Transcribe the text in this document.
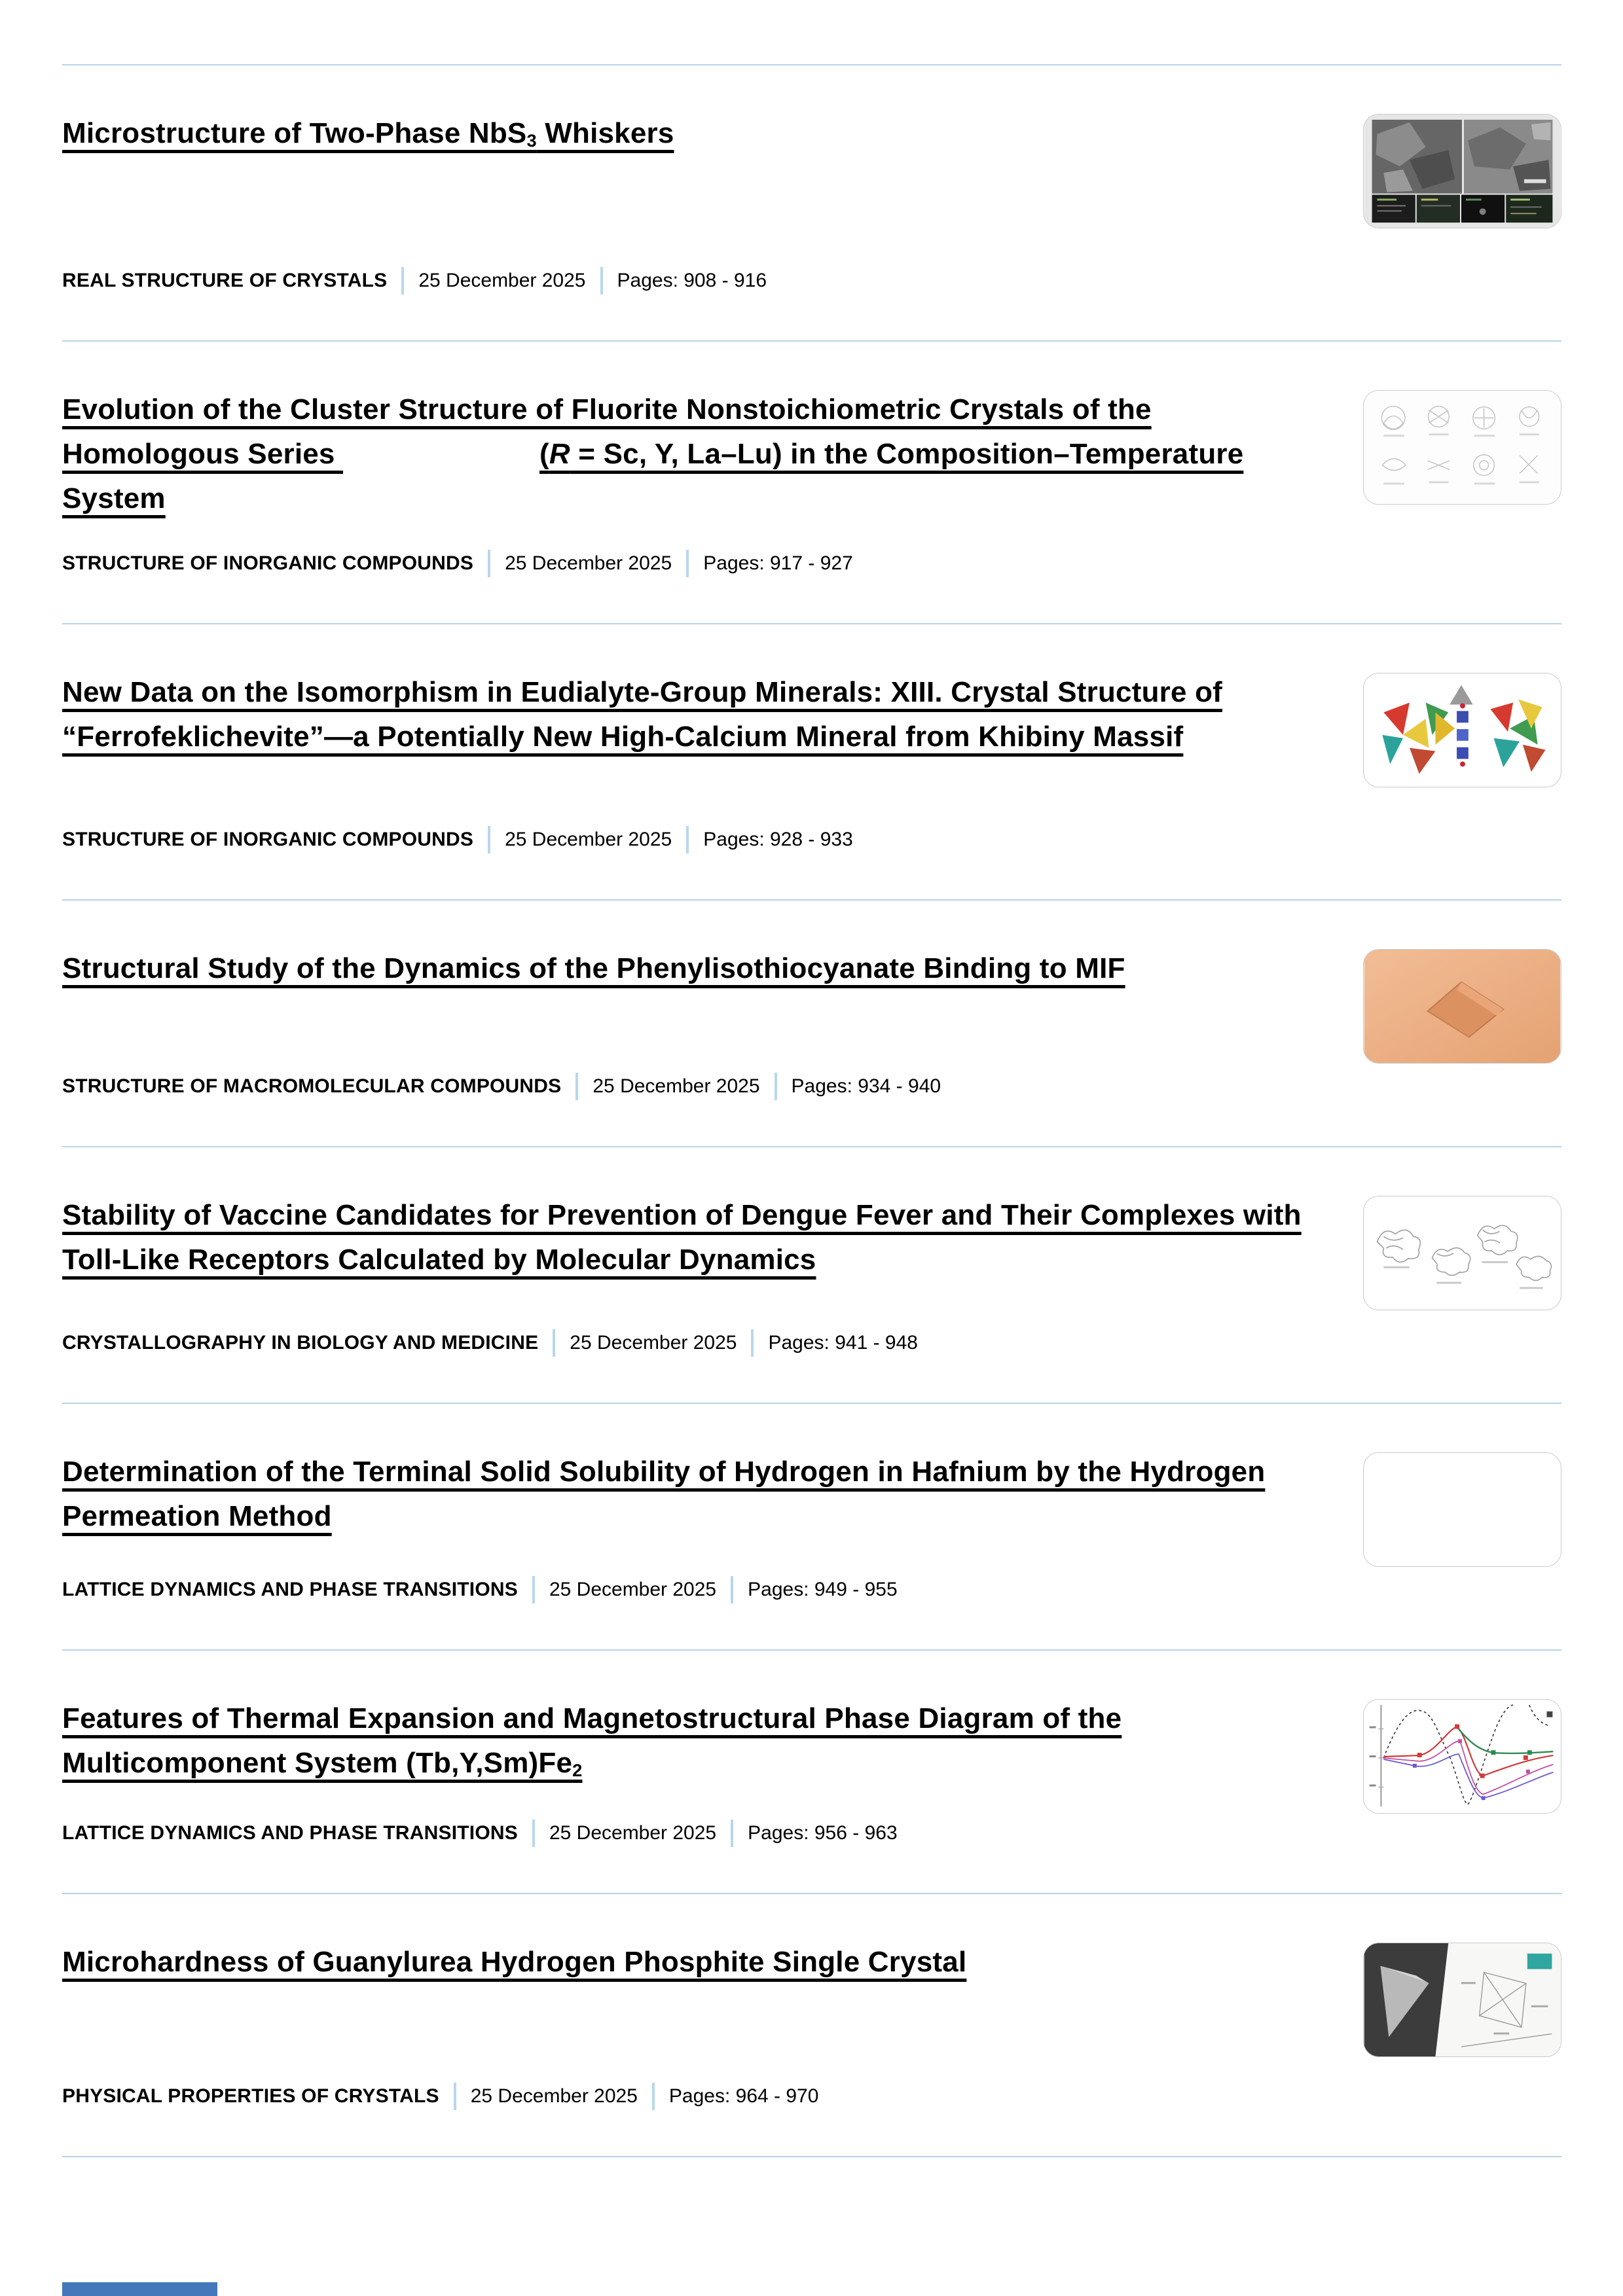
Microstructure of Two-Phase NbS3 Whiskers
REAL STRUCTURE OF CRYSTALS 25 December 2025 Pages: 908 - 916
Evolution of the Cluster Structure of Fluorite Nonstoichiometric Crystals of the Homologous Series	(R = Sc, Y, La–Lu) in the Composition–Temperature System
STRUCTURE OF INORGANIC COMPOUNDS 25 December 2025 Pages: 917 - 927
New Data on the Isomorphism in Eudialyte-Group Minerals: XIII. Crystal Structure of “Ferrofeklichevite”—a Potentially New High-Calcium Mineral from Khibiny Massif
STRUCTURE OF INORGANIC COMPOUNDS 25 December 2025 Pages: 928 - 933
Structural Study of the Dynamics of the Phenylisothiocyanate Binding to MIF
STRUCTURE OF MACROMOLECULAR COMPOUNDS 25 December 2025 Pages: 934 - 940
Stability of Vaccine Candidates for Prevention of Dengue Fever and Their Complexes with Toll-Like Receptors Calculated by Molecular Dynamics
CRYSTALLOGRAPHY IN BIOLOGY AND MEDICINE 25 December 2025 Pages: 941 - 948
Determination of the Terminal Solid Solubility of Hydrogen in Hafnium by the Hydrogen Permeation Method
LATTICE DYNAMICS AND PHASE TRANSITIONS 25 December 2025 Pages: 949 - 955
Features of Thermal Expansion and Magnetostructural Phase Diagram of the Multicomponent System (Tb,Y,Sm)Fe2
LATTICE DYNAMICS AND PHASE TRANSITIONS 25 December 2025 Pages: 956 - 963
Microhardness of Guanylurea Hydrogen Phosphite Single Crystal
PHYSICAL PROPERTIES OF CRYSTALS 25 December 2025 Pages: 964 - 970
